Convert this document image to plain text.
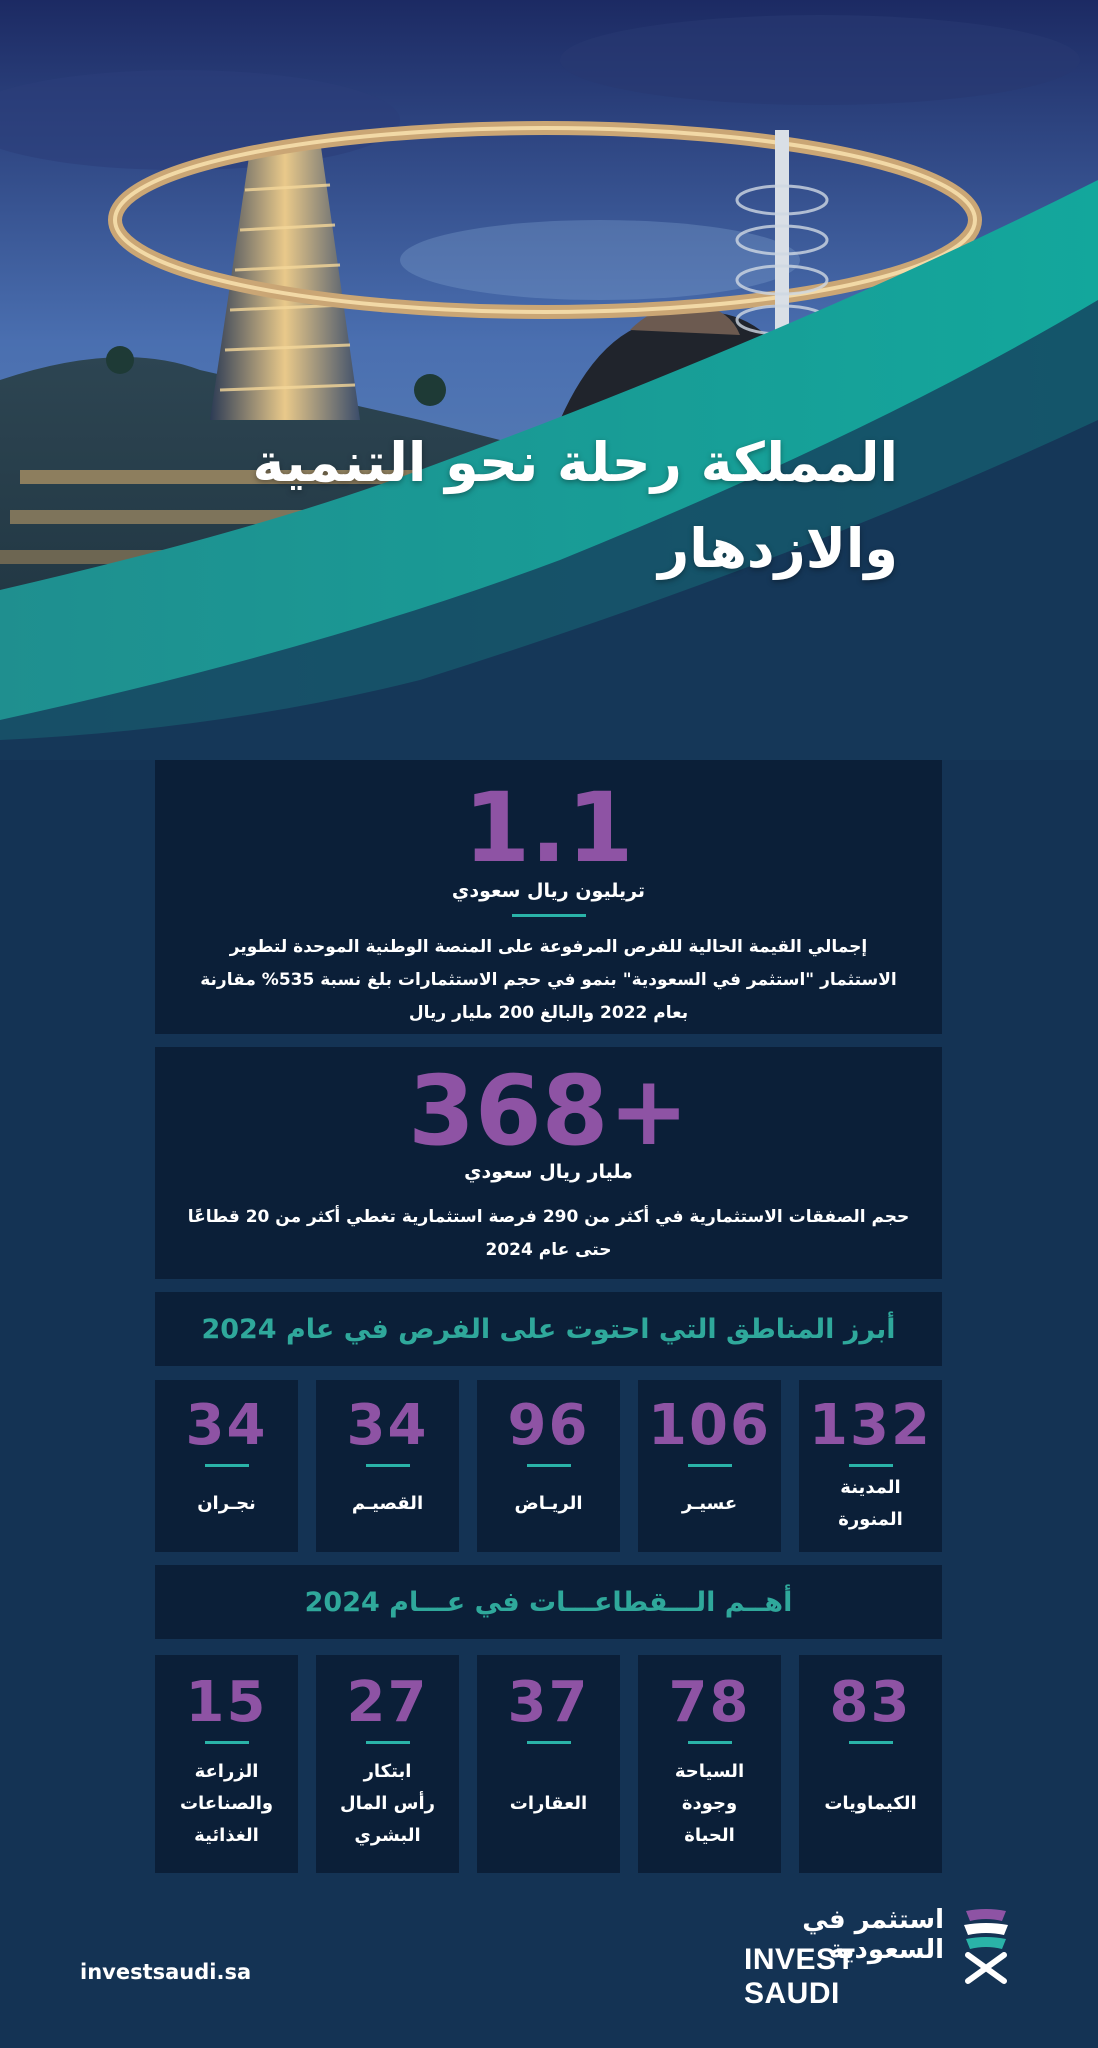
المملكة رحلة نحو التنمية
والازدهار
1.1
تريليون ريال سعودي
إجمالي القيمة الحالية للفرص المرفوعة على المنصة الوطنية الموحدة لتطوير
الاستثمار "استثمر في السعودية" بنمو في حجم الاستثمارات بلغ نسبة 535% مقارنة
بعام 2022 والبالغ 200 مليار ريال
+368
مليار ريال سعودي
حجم الصفقات الاستثمارية في أكثر من 290 فرصة استثمارية تغطي أكثر من 20 قطاعًا
حتى عام 2024
أبرز المناطق التي احتوت على الفرص في عام 2024
132
المدينة
المنورة
106
عسيـر
96
الريـاض
34
القصيـم
34
نجـران
أهــم الـــقطاعـــات في عـــام 2024
83
الكيماويات
78
السياحة
وجودة
الحياة
37
العقارات
27
ابتكار
رأس المال
البشري
15
الزراعة
والصناعات
الغذائية
investsaudi.sa
استثمر في السعودية
INVEST SAUDI
